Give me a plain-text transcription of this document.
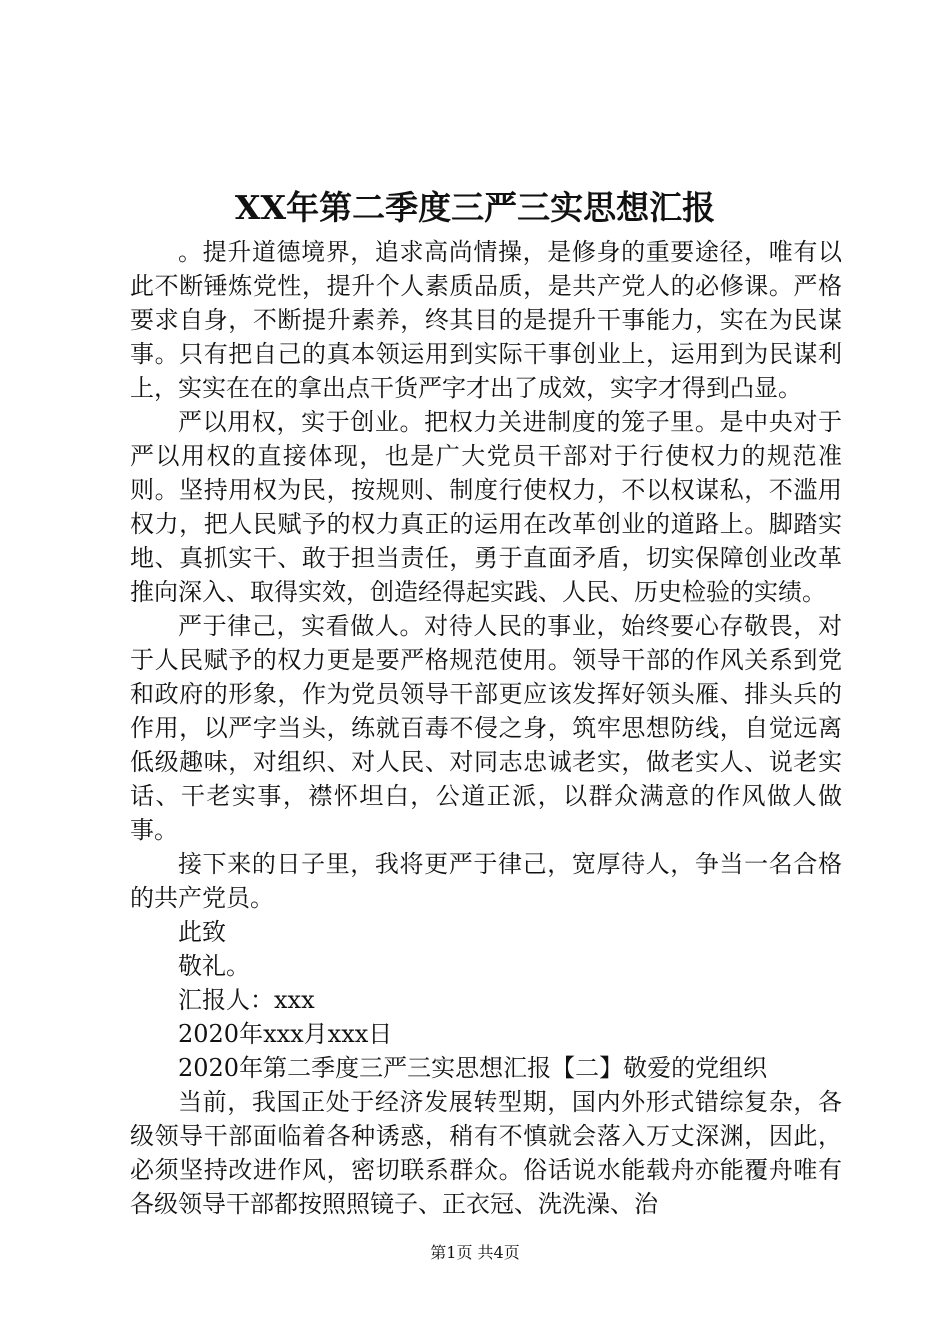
XX年第二季度三严三实思想汇报

。提升道德境界，追求高尚情操，是修身的重要途径，唯有以此不断锤炼党性，提升个人素质品质，是共产党人的必修课。严格要求自身，不断提升素养，终其目的是提升干事能力，实在为民谋事。只有把自己的真本领运用到实际干事创业上，运用到为民谋利上，实实在在的拿出点干货严字才出了成效，实字才得到凸显。

严以用权，实于创业。把权力关进制度的笼子里。是中央对于严以用权的直接体现，也是广大党员干部对于行使权力的规范准则。坚持用权为民，按规则、制度行使权力，不以权谋私，不滥用权力，把人民赋予的权力真正的运用在改革创业的道路上。脚踏实地、真抓实干、敢于担当责任，勇于直面矛盾，切实保障创业改革推向深入、取得实效，创造经得起实践、人民、历史检验的实绩。

严于律己，实看做人。对待人民的事业，始终要心存敬畏，对于人民赋予的权力更是要严格规范使用。领导干部的作风关系到党和政府的形象，作为党员领导干部更应该发挥好领头雁、排头兵的作用，以严字当头，练就百毒不侵之身，筑牢思想防线，自觉远离低级趣味，对组织、对人民、对同志忠诚老实，做老实人、说老实话、干老实事，襟怀坦白，公道正派，以群众满意的作风做人做事。

接下来的日子里，我将更严于律己，宽厚待人，争当一名合格的共产党员。

此致

敬礼。

汇报人：xxx

2020年xxx月xxx日

2020年第二季度三严三实思想汇报【二】敬爱的党组织

当前，我国正处于经济发展转型期，国内外形式错综复杂，各级领导干部面临着各种诱惑，稍有不慎就会落入万丈深渊，因此，必须坚持改进作风，密切联系群众。俗话说水能载舟亦能覆舟唯有各级领导干部都按照照镜子、正衣冠、洗洗澡、治

第1页 共4页
